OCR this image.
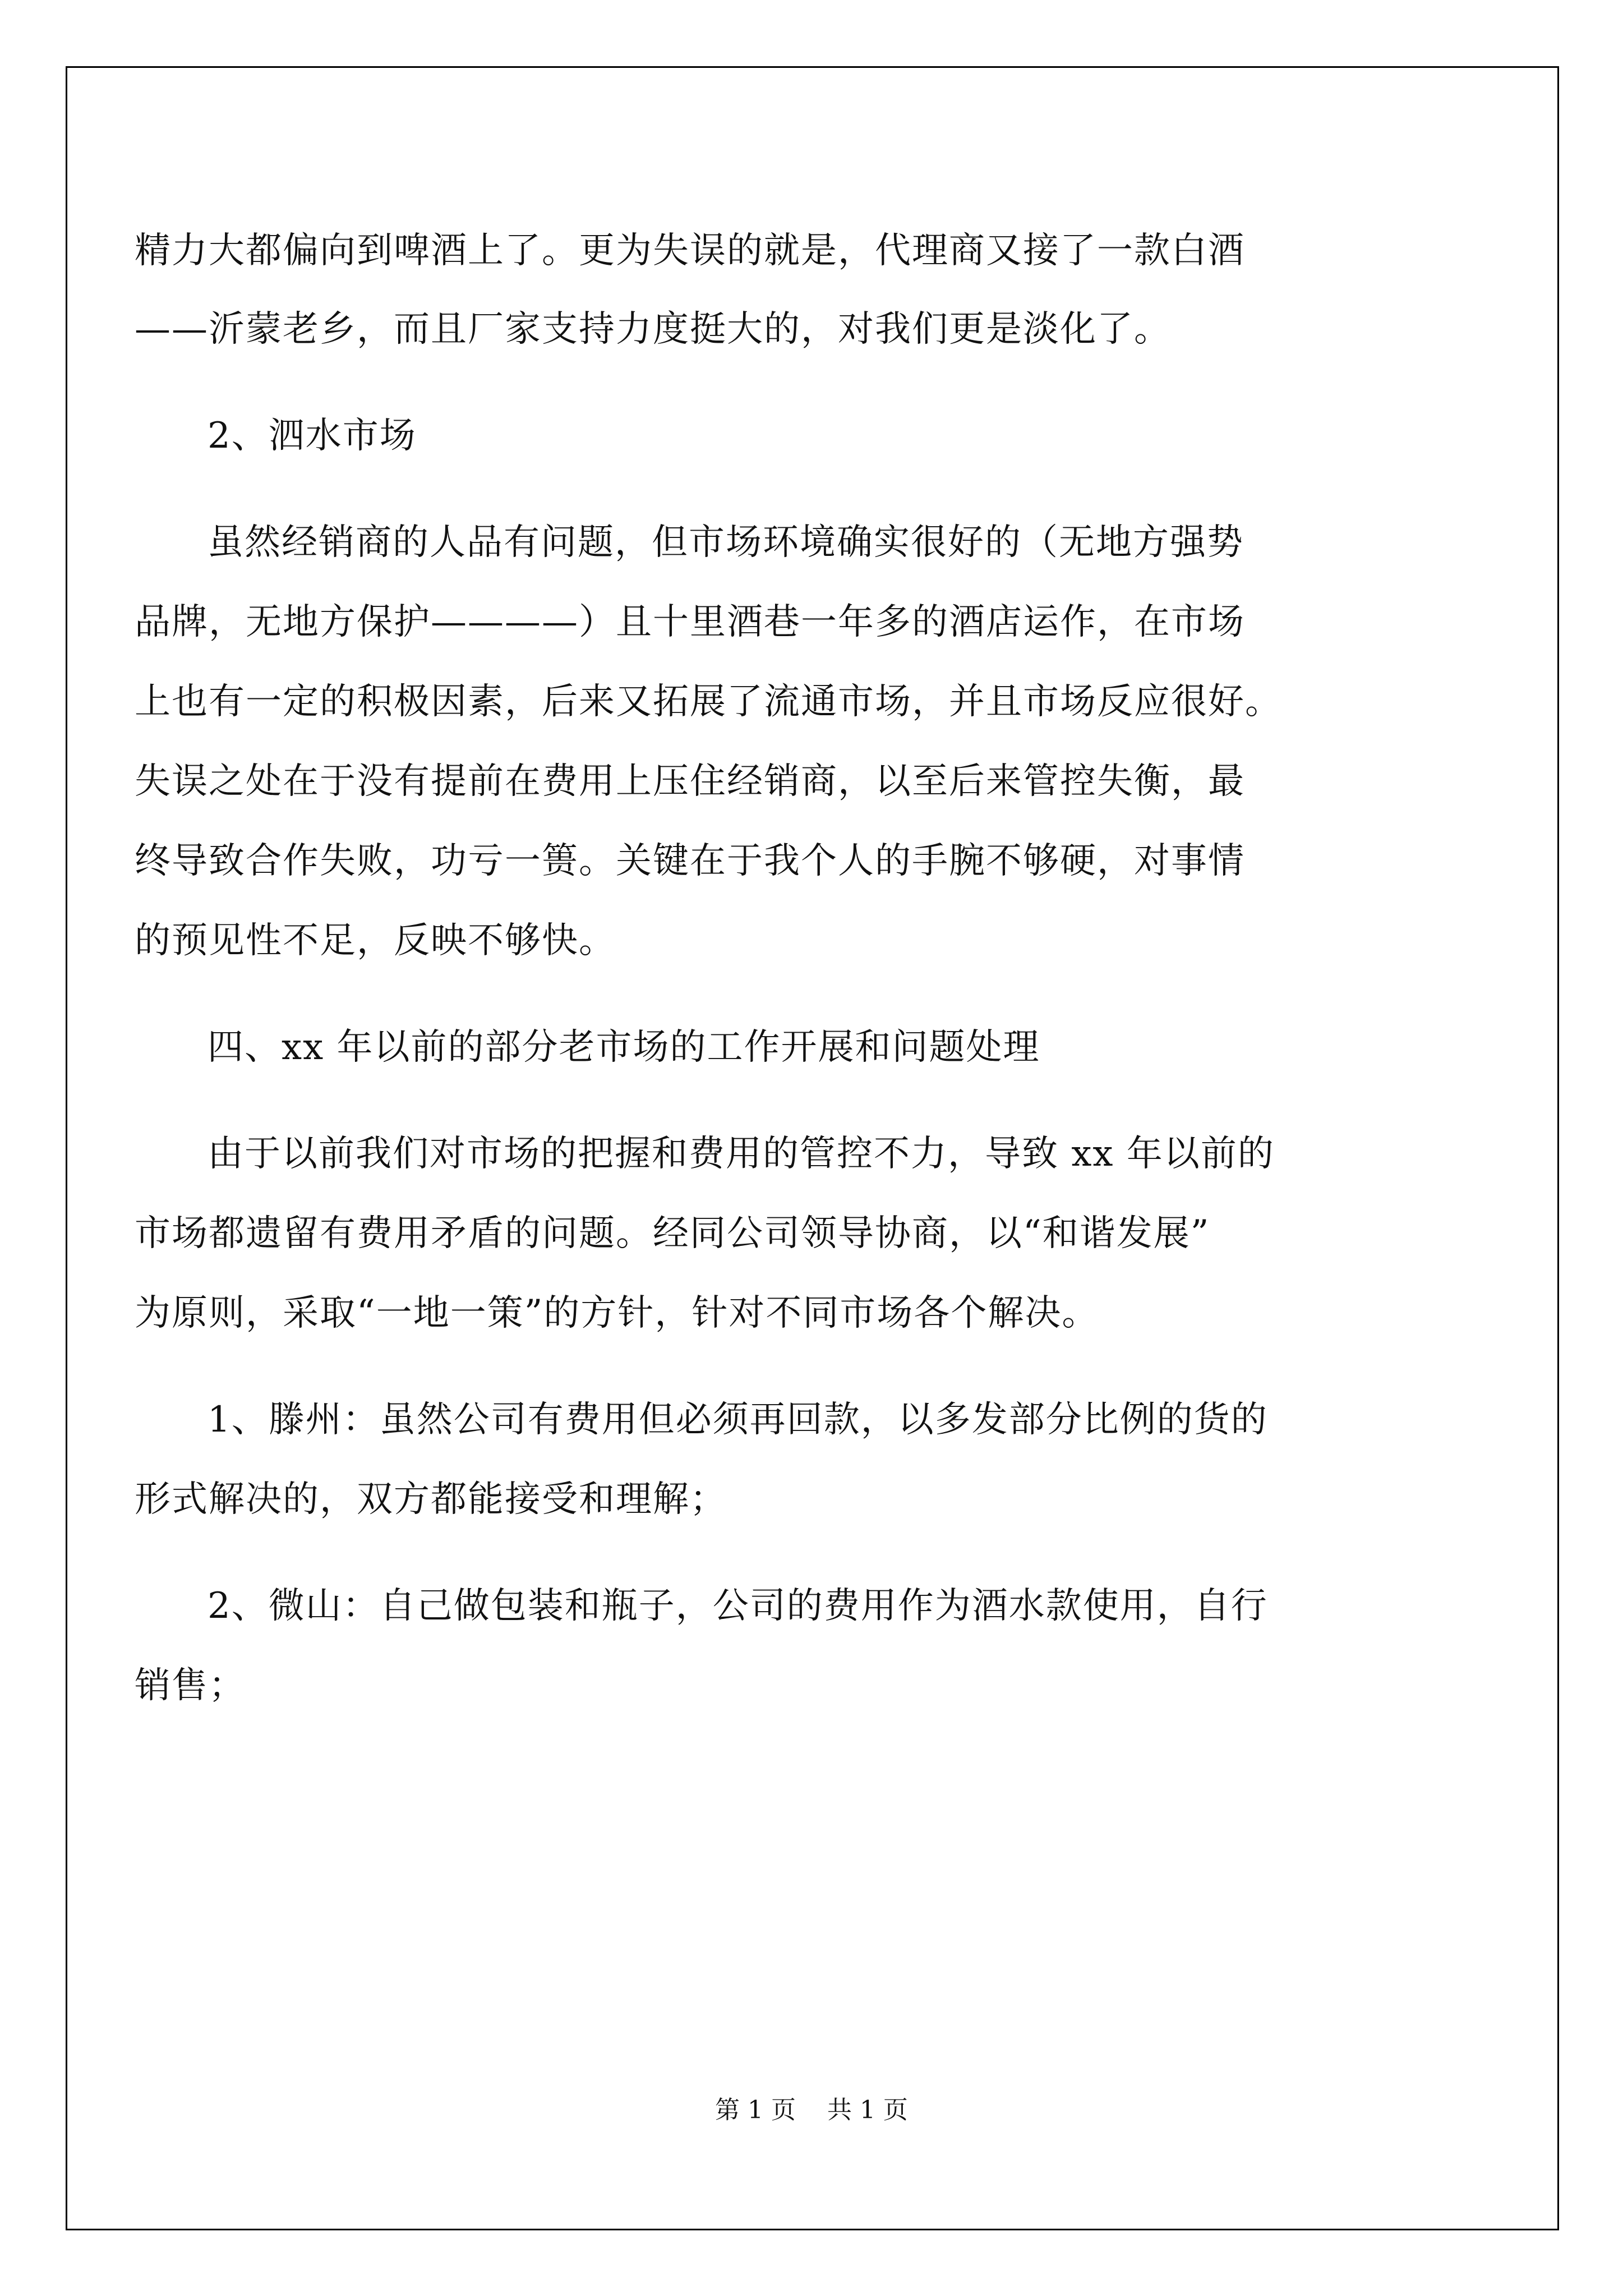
精力大都偏向到啤酒上了。更为失误的就是，代理商又接了一款白酒
——沂蒙老乡，而且厂家支持力度挺大的，对我们更是淡化了。
2、泗水市场
虽然经销商的人品有问题，但市场环境确实很好的（无地方强势
品牌，无地方保护————）且十里酒巷一年多的酒店运作，在市场
上也有一定的积极因素，后来又拓展了流通市场，并且市场反应很好。
失误之处在于没有提前在费用上压住经销商，以至后来管控失衡，最
终导致合作失败，功亏一篑。关键在于我个人的手腕不够硬，对事情
的预见性不足，反映不够快。
四、xx 年以前的部分老市场的工作开展和问题处理
由于以前我们对市场的把握和费用的管控不力，导致 xx 年以前的
市场都遗留有费用矛盾的问题。经同公司领导协商，以“和谐发展”
为原则，采取“一地一策”的方针，针对不同市场各个解决。
1、滕州：虽然公司有费用但必须再回款，以多发部分比例的货的
形式解决的，双方都能接受和理解；
2、微山：自己做包装和瓶子，公司的费用作为酒水款使用，自行
销售；
第 1 页    共 1 页
